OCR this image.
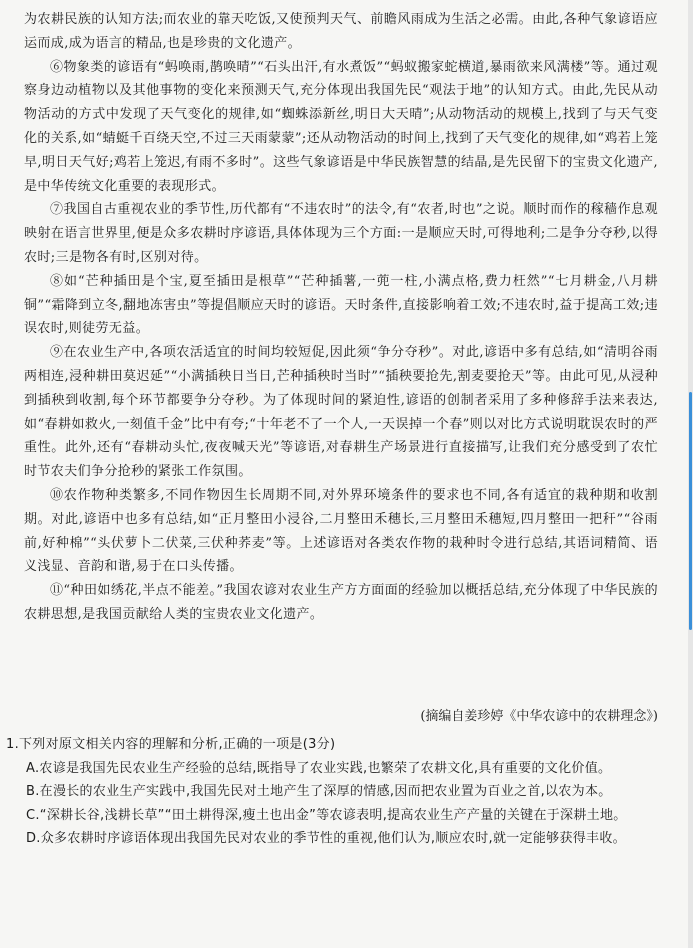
为农耕民族的认知方法;而农业的靠天吃饭,又使预判天气、前瞻风雨成为生活之必需。由此,各种气象谚语应运而成,成为语言的精品,也是珍贵的文化遗产。

⑥物象类的谚语有“蚂唤雨,鹊唤晴”“石头出汗,有水煮饭”“蚂蚁搬家蛇横道,暴雨欲来风满楼”等。通过观察身边动植物以及其他事物的变化来预测天气,充分体现出我国先民“观法于地”的认知方式。由此,先民从动物活动的方式中发现了天气变化的规律,如“蜘蛛添新丝,明日大天晴”;从动物活动的规模上,找到了与天气变化的关系,如“蜻蜓千百绕天空,不过三天雨蒙蒙”;还从动物活动的时间上,找到了天气变化的规律,如“鸡若上笼早,明日天气好;鸡若上笼迟,有雨不多时”。这些气象谚语是中华民族智慧的结晶,是先民留下的宝贵文化遗产,是中华传统文化重要的表现形式。

⑦我国自古重视农业的季节性,历代都有“不违农时”的法令,有“农者,时也”之说。顺时而作的稼穑作息观映射在语言世界里,便是众多农耕时序谚语,具体体现为三个方面:一是顺应天时,可得地利;二是争分夺秒,以得农时;三是物各有时,区别对待。

⑧如“芒种插田是个宝,夏至插田是根草”“芒种插薯,一蔸一柱,小满点格,费力枉然”“七月耕金,八月耕铜”“霜降到立冬,翻地冻害虫”等提倡顺应天时的谚语。天时条件,直接影响着工效;不违农时,益于提高工效;违误农时,则徒劳无益。

⑨在农业生产中,各项农活适宜的时间均较短促,因此须“争分夺秒”。对此,谚语中多有总结,如“清明谷雨两相连,浸种耕田莫迟延”“小满插秧日当日,芒种插秧时当时”“插秧要抢先,割麦要抢天”等。由此可见,从浸种到插秧到收割,每个环节都要争分夺秒。为了体现时间的紧迫性,谚语的创制者采用了多种修辞手法来表达,如“春耕如救火,一刻值千金”比中有夸;“十年老不了一个人,一天误掉一个春”则以对比方式说明耽误农时的严重性。此外,还有“春耕动头忙,夜夜喊天光”等谚语,对春耕生产场景进行直接描写,让我们充分感受到了农忙时节农夫们争分抢秒的紧张工作氛围。

⑩农作物种类繁多,不同作物因生长周期不同,对外界环境条件的要求也不同,各有适宜的栽种期和收割期。对此,谚语中也多有总结,如“正月整田小浸谷,二月整田禾穗长,三月整田禾穗短,四月整田一把秆”“谷雨前,好种棉”“头伏萝卜二伏菜,三伏种荞麦”等。上述谚语对各类农作物的栽种时令进行总结,其语词精简、语义浅显、音韵和谐,易于在口头传播。

⑪“种田如绣花,半点不能差。”我国农谚对农业生产方方面面的经验加以概括总结,充分体现了中华民族的农耕思想,是我国贡献给人类的宝贵农业文化遗产。

(摘编自姜珍婷《中华农谚中的农耕理念》)

1.下列对原文相关内容的理解和分析,正确的一项是(3分)

A.农谚是我国先民农业生产经验的总结,既指导了农业实践,也繁荣了农耕文化,具有重要的文化价值。

B.在漫长的农业生产实践中,我国先民对土地产生了深厚的情感,因而把农业置为百业之首,以农为本。

C.“深耕长谷,浅耕长草”“田土耕得深,瘦土也出金”等农谚表明,提高农业生产产量的关键在于深耕土地。

D.众多农耕时序谚语体现出我国先民对农业的季节性的重视,他们认为,顺应农时,就一定能够获得丰收。
